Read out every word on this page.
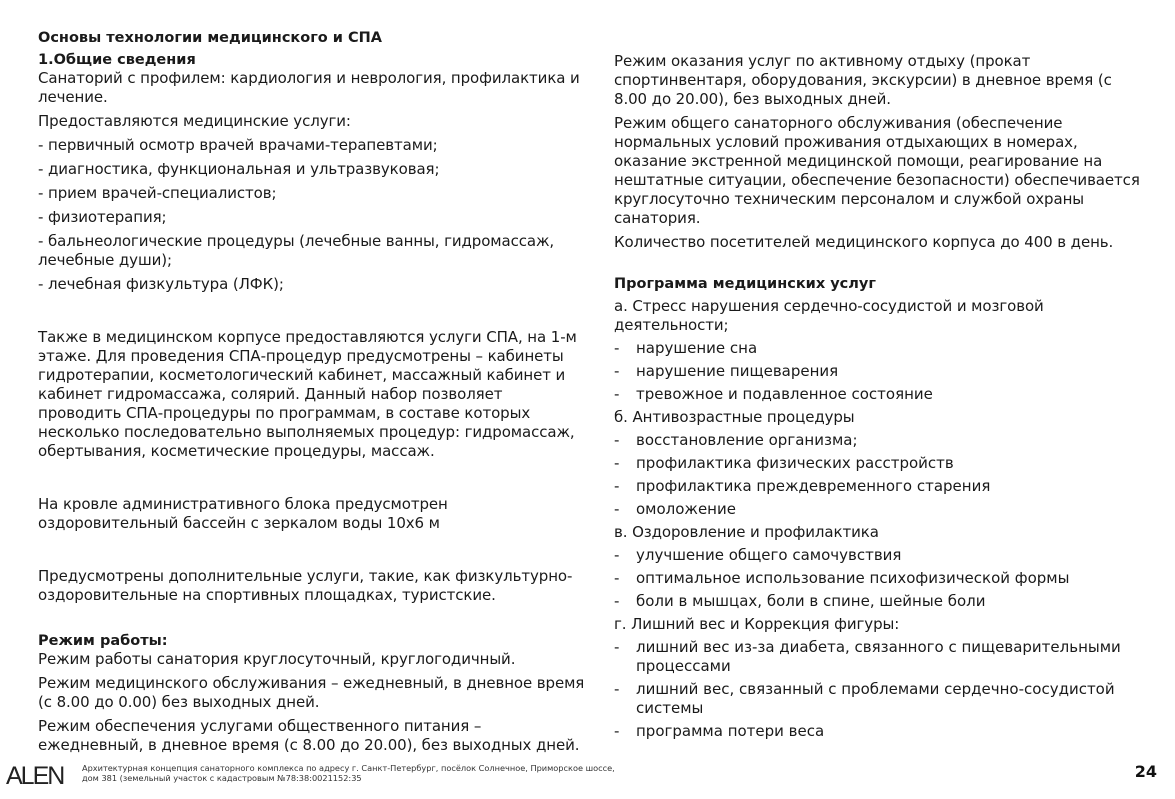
Основы технологии медицинского и СПА
1.Общие сведения

Санаторий с профилем: кардиология и неврология, профилактика и лечение.

Предоставляются медицинские услуги:

- первичный осмотр врачей врачами-терапевтами;

- диагностика, функциональная и ультразвуковая;

- прием врачей-специалистов;

- физиотерапия;

- бальнеологические процедуры (лечебные ванны, гидромассаж, лечебные души);

- лечебная физкультура (ЛФК);

Также в медицинском корпусе предоставляются услуги СПА, на 1-м этаже. Для проведения СПА-процедур предусмотрены – кабинеты гидротерапии, косметологический кабинет, массажный кабинет и кабинет гидромассажа, солярий. Данный набор позволяет проводить СПА-процедуры по программам, в составе которых несколько последовательно выполняемых процедур: гидромассаж, обертывания, косметические процедуры, массаж.

На кровле административного блока предусмотрен оздоровительный бассейн с зеркалом воды 10х6 м

Предусмотрены дополнительные услуги, такие, как физкультурно-оздоровительные на спортивных площадках, туристские.

Режим работы:

Режим работы санатория круглосуточный, круглогодичный.

Режим медицинского обслуживания – ежедневный, в дневное время (с 8.00 до 0.00) без выходных дней.

Режим обеспечения услугами общественного питания – ежедневный, в дневное время (с 8.00 до 20.00), без выходных дней.

Режим оказания услуг по активному отдыху (прокат спортинвентаря, оборудования, экскурсии) в дневное время (с 8.00 до 20.00), без выходных дней.

Режим общего санаторного обслуживания (обеспечение нормальных условий проживания отдыхающих в номерах, оказание экстренной медицинской помощи, реагирование на нештатные ситуации, обеспечение безопасности) обеспечивается круглосуточно техническим персоналом и службой охраны санатория.

Количество посетителей медицинского корпуса до 400 в день.

Программа медицинских услуг

а. Стресс нарушения сердечно-сосудистой и мозговой деятельности;

- нарушение сна
- нарушение пищеварения
- тревожное и подавленное состояние

б. Антивозрастные процедуры

- восстановление организма;
- профилактика физических расстройств
- профилактика преждевременного старения
- омоложение

в. Оздоровление и профилактика

- улучшение общего самочувствия
- оптимальное использование психофизической формы
- боли в мышцах, боли в спине, шейные боли

г. Лишний вес и Коррекция фигуры:

- лишний вес из-за диабета, связанного с пищеварительными процессами
- лишний вес, связанный с проблемами сердечно-сосудистой системы
- программа потери веса
ALEN Архитектурная концепция санаторного комплекса по адресу г. Санкт-Петербург, посёлок Солнечное, Приморское шоссе,
дом 381 (земельный участок с кадастровым №78:38:0021152:35	24
